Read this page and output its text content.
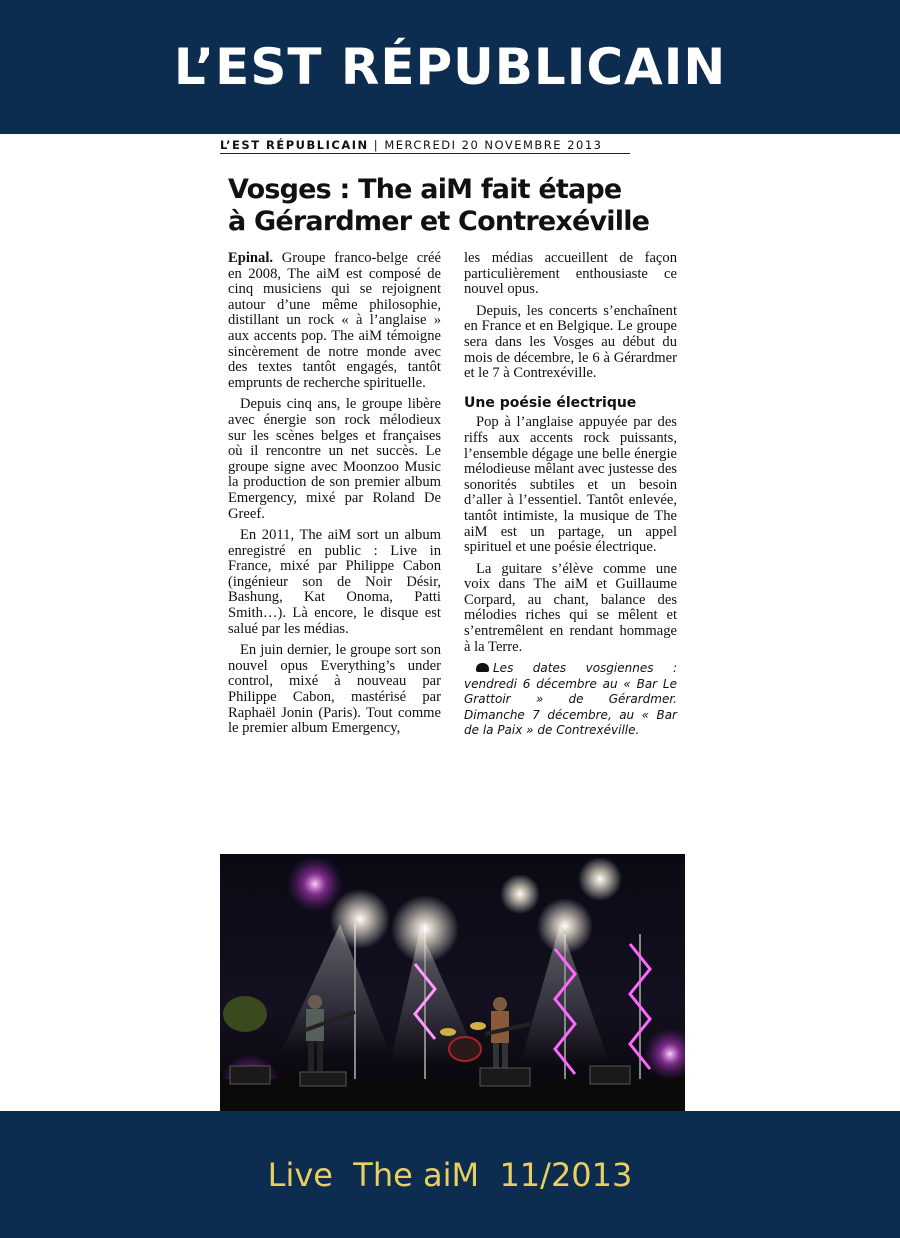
L’EST RÉPUBLICAIN
L’EST RÉPUBLICAIN | MERCREDI 20 NOVEMBRE 2013
Vosges : The aiM fait étape
à Gérardmer et Contrexéville

Epinal. Groupe franco-belge créé en 2008, The aiM est composé de cinq musiciens qui se rejoignent autour d’une même philosophie, distillant un rock « à l’anglaise » aux accents pop. The aiM témoigne sincèrement de notre monde avec des textes tantôt engagés, tantôt emprunts de recherche spirituelle.

Depuis cinq ans, le groupe libère avec énergie son rock mélodieux sur les scènes belges et françaises où il rencontre un net succès. Le groupe signe avec Moonzoo Music la production de son premier album Emergency, mixé par Roland De Greef.

En 2011, The aiM sort un album enregistré en public : Live in France, mixé par Philippe Cabon (ingénieur son de Noir Désir, Bashung, Kat Onoma, Patti Smith…). Là encore, le disque est salué par les médias.

En juin dernier, le groupe sort son nouvel opus Everything’s under control, mixé à nouveau par Philippe Cabon, mastérisé par Raphaël Jonin (Paris). Tout comme le premier album Emergency,

les médias accueillent de façon particulièrement enthousiaste ce nouvel opus.

Depuis, les concerts s’enchaînent en France et en Belgique. Le groupe sera dans les Vosges au début du mois de décembre, le 6 à Gérardmer et le 7 à Contrexéville.

Une poésie électrique

Pop à l’anglaise appuyée par des riffs aux accents rock puissants, l’ensemble dégage une belle énergie mélodieuse mêlant avec justesse des sonorités subtiles et un besoin d’aller à l’essentiel. Tantôt enlevée, tantôt intimiste, la musique de The aiM est un partage, un appel spirituel et une poésie électrique.

La guitare s’élève comme une voix dans The aiM et Guillaume Corpard, au chant, balance des mélodies riches qui se mêlent et s’entremêlent en rendant hommage à la Terre.

Les dates vosgiennes : vendredi 6 décembre au « Bar Le Grattoir » de Gérardmer. Dimanche 7 décembre, au « Bar de la Paix » de Contrexéville.

Live  The aiM  11/2013
